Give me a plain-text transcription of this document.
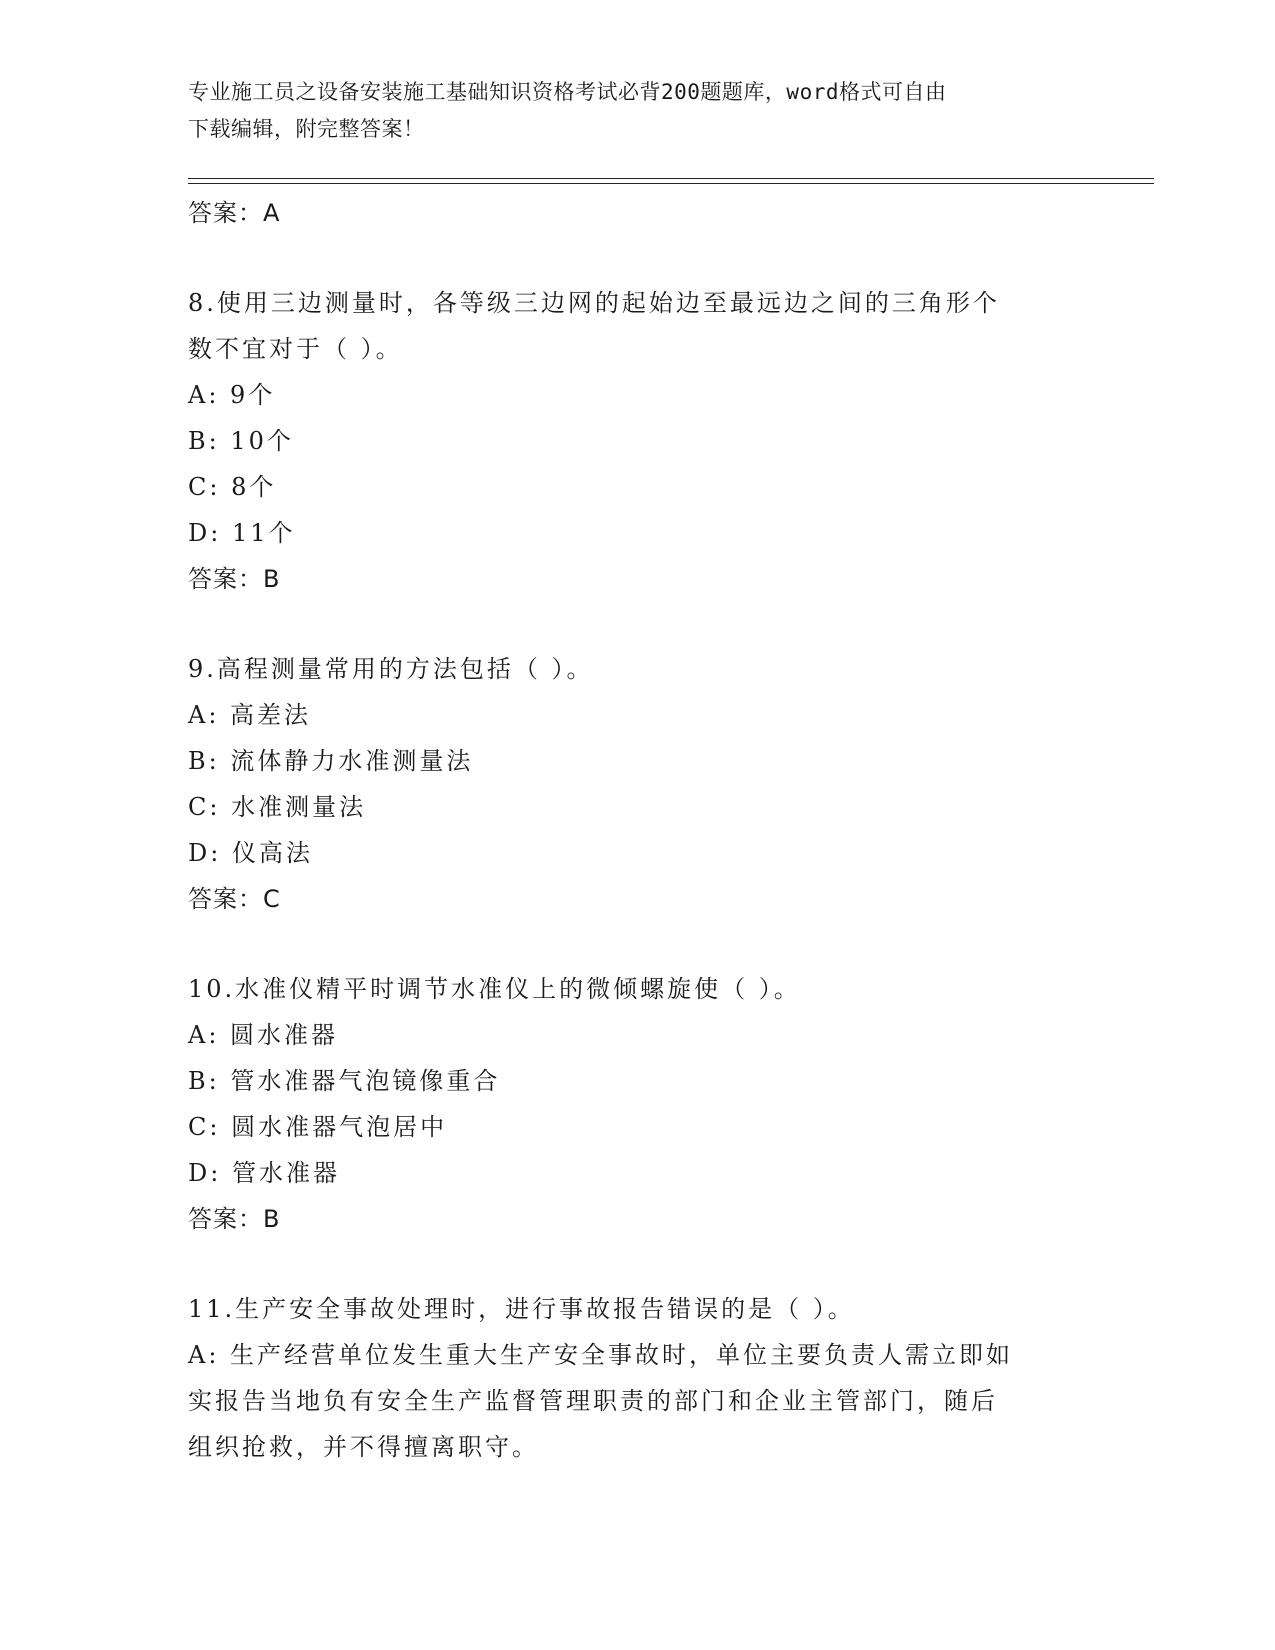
专业施工员之设备安装施工基础知识资格考试必背200题题库，word格式可自由
下载编辑，附完整答案！
答案：A
8.使用三边测量时，各等级三边网的起始边至最远边之间的三角形个
数不宜对于（ ）。
A: 9个
B: 10个
C: 8个
D: 11个
答案：B
9.高程测量常用的方法包括（ ）。
A: 高差法
B: 流体静力水准测量法
C: 水准测量法
D: 仪高法
答案：C
10.水准仪精平时调节水准仪上的微倾螺旋使（ ）。
A: 圆水准器
B: 管水准器气泡镜像重合
C: 圆水准器气泡居中
D: 管水准器
答案：B
11.生产安全事故处理时，进行事故报告错误的是（ ）。
A: 生产经营单位发生重大生产安全事故时，单位主要负责人需立即如
实报告当地负有安全生产监督管理职责的部门和企业主管部门，随后
组织抢救，并不得擅离职守。
